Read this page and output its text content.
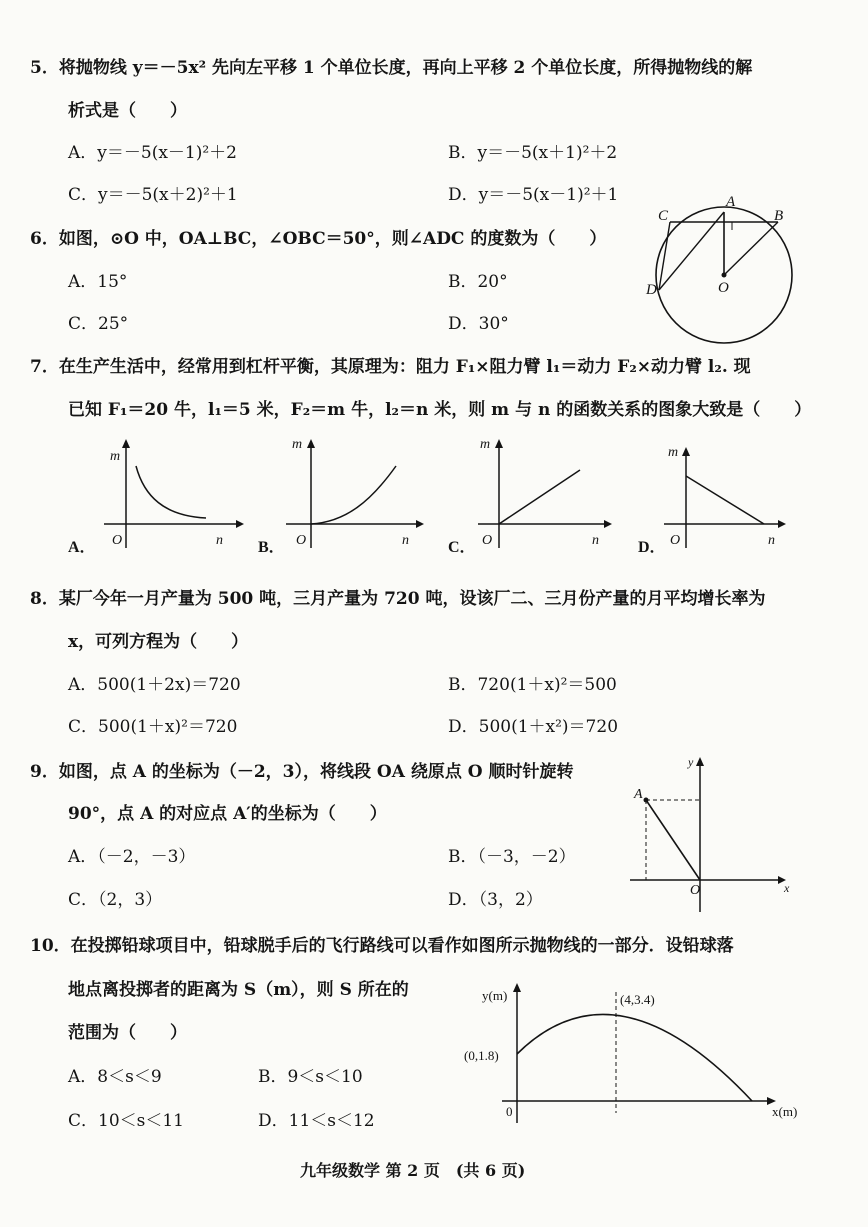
5．将抛物线 y＝－5x² 先向左平移 1 个单位长度，再向上平移 2 个单位长度，所得抛物线的解
析式是（　　）
A．y＝－5(x－1)²＋2	B．y＝－5(x＋1)²＋2
C．y＝－5(x＋2)²＋1	D．y＝－5(x－1)²＋1
6．如图，⊙O 中，OA⊥BC，∠OBC＝50°，则∠ADC 的度数为（　　）
A．15°	B．20°
C．25°	D．30°
A
B
C
D	O
7．在生产生活中，经常用到杠杆平衡，其原理为：阻力 F₁×阻力臂 l₁＝动力 F₂×动力臂 l₂. 现
已知 F₁＝20 牛，l₁＝5 米，F₂＝m 牛，l₂＝n 米，则 m 与 n 的函数关系的图象大致是（　　）
m
O	n
A．
m
O	n
B．
m
O	n
C．
m
O	n
D．
8．某厂今年一月产量为 500 吨，三月产量为 720 吨，设该厂二、三月份产量的月平均增长率为
x，可列方程为（　　）
A．500(1＋2x)＝720	B．720(1＋x)²＝500
C．500(1＋x)²＝720	D．500(1＋x²)＝720
9．如图，点 A 的坐标为（－2，3），将线段 OA 绕原点 O 顺时针旋转
90°，点 A 的对应点 A′的坐标为（　　）
A．（－2，－3）	B．（－3，－2）
C．（2，3）	D．（3，2）
A
O	x
y
10．在投掷铅球项目中，铅球脱手后的飞行路线可以看作如图所示抛物线的一部分．设铅球落
地点离投掷者的距离为 S（m），则 S 所在的
范围为（　　）
A．8＜s＜9	B．9＜s＜10
C．10＜s＜11	D．11＜s＜12
y(m)
x(m)
0
(4,3.4)
(0,1.8)
九年级数学 第 2 页　(共 6 页)
